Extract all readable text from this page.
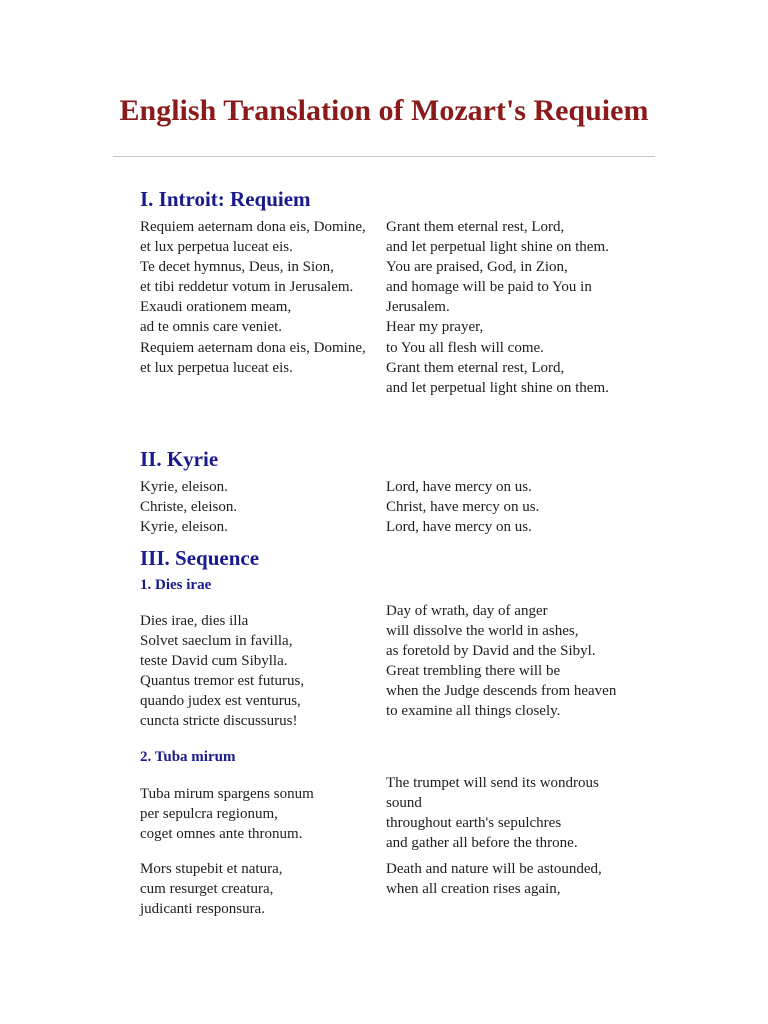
English Translation of Mozart's Requiem
I. Introit: Requiem
Requiem aeternam dona eis, Domine,
et lux perpetua luceat eis.
Te decet hymnus, Deus, in Sion,
et tibi reddetur votum in Jerusalem.
Exaudi orationem meam,
ad te omnis care veniet.
Requiem aeternam dona eis, Domine,
et lux perpetua luceat eis.
Grant them eternal rest, Lord,
and let perpetual light shine on them.
You are praised, God, in Zion,
and homage will be paid to You in Jerusalem.
Hear my prayer,
to You all flesh will come.
Grant them eternal rest, Lord,
and let perpetual light shine on them.
II. Kyrie
Kyrie, eleison.
Christe, eleison.
Kyrie, eleison.
Lord, have mercy on us.
Christ, have mercy on us.
Lord, have mercy on us.
III. Sequence
1. Dies irae
Dies irae, dies illa
Solvet saeclum in favilla,
teste David cum Sibylla.
Quantus tremor est futurus,
quando judex est venturus,
cuncta stricte discussurus!
Day of wrath, day of anger
will dissolve the world in ashes,
as foretold by David and the Sibyl.
Great trembling there will be
when the Judge descends from heaven
to examine all things closely.
2. Tuba mirum
Tuba mirum spargens sonum
per sepulcra regionum,
coget omnes ante thronum.
The trumpet will send its wondrous sound
throughout earth's sepulchres
and gather all before the throne.
Mors stupebit et natura,
cum resurget creatura,
judicanti responsura.
Death and nature will be astounded,
when all creation rises again,
